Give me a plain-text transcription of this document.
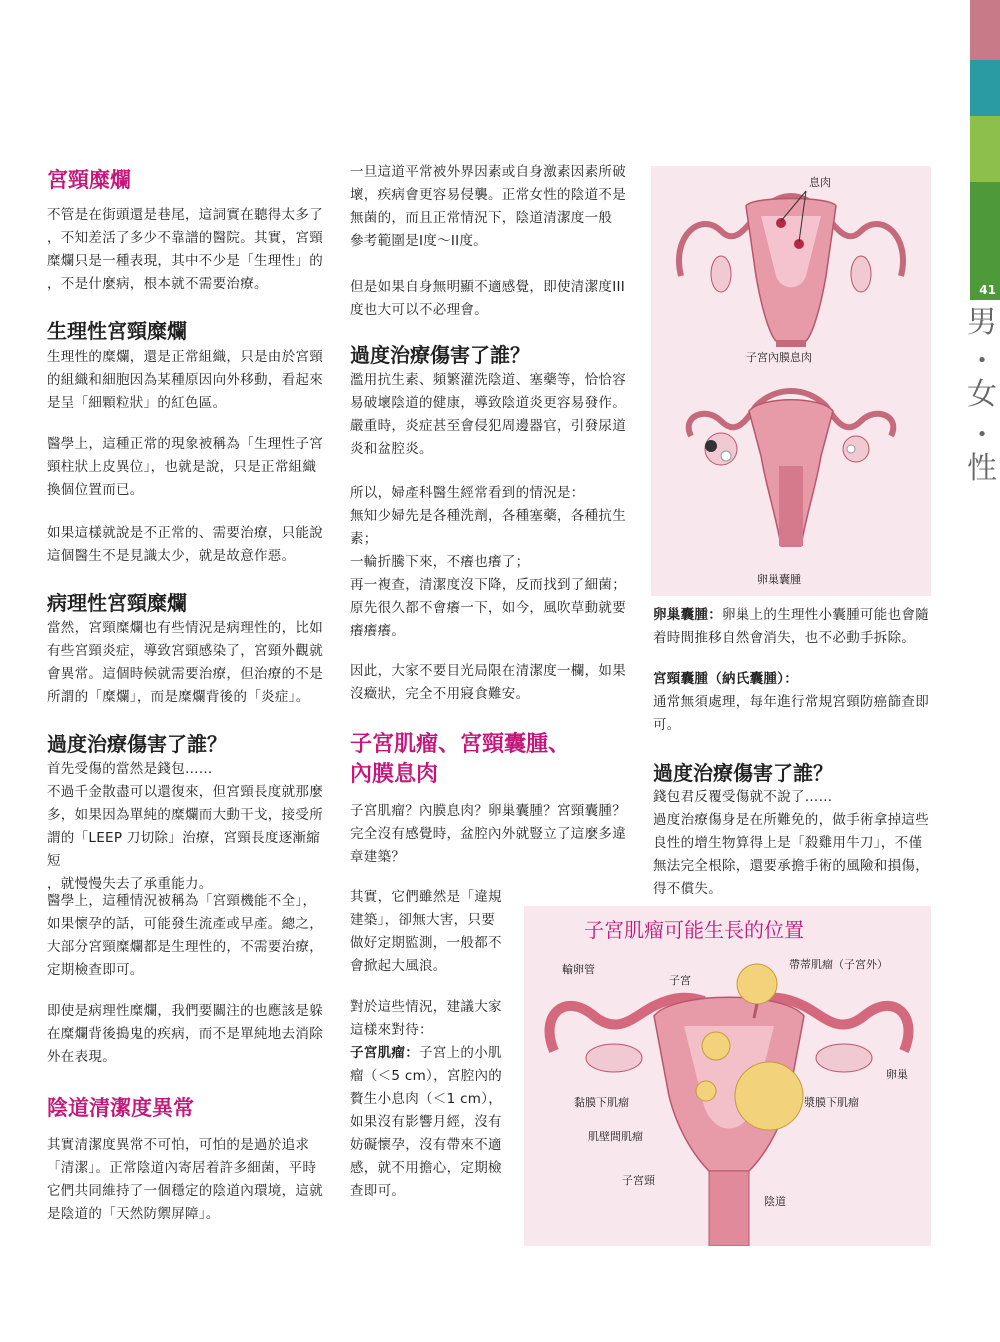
41
男
•
女
•
性
宮頸糜爛

不管是在街頭還是巷尾，這詞實在聽得太多了
，不知差活了多少不靠譜的醫院。其實，宮頸
糜爛只是一種表現，其中不少是「生理性」的
，不是什麼病，根本就不需要治療。

生理性宮頸糜爛

生理性的糜爛，還是正常組織，只是由於宮頸
的組織和細胞因為某種原因向外移動，看起來
是呈「細顆粒狀」的紅色區。

醫學上，這種正常的現象被稱為「生理性子宮
頸柱狀上皮異位」，也就是說，只是正常組織
換個位置而已。

如果這樣就說是不正常的、需要治療，只能說
這個醫生不是見識太少，就是故意作惡。

病理性宮頸糜爛

當然，宮頸糜爛也有些情況是病理性的，比如
有些宮頸炎症，導致宮頸感染了，宮頸外觀就
會異常。這個時候就需要治療，但治療的不是
所謂的「糜爛」，而是糜爛背後的「炎症」。

過度治療傷害了誰？

首先受傷的當然是錢包……
不過千金散盡可以還復來，但宮頸長度就那麼
多，如果因為單純的糜爛而大動干戈，接受所
謂的「LEEP 刀切除」治療，宮頸長度逐漸縮短
，就慢慢失去了承重能力。

醫學上，這種情況被稱為「宮頸機能不全」，
如果懷孕的話，可能發生流產或早產。總之，
大部分宮頸糜爛都是生理性的，不需要治療，
定期檢查即可。

即使是病理性糜爛，我們要關注的也應該是躲
在糜爛背後搗鬼的疾病，而不是單純地去消除
外在表現。

陰道清潔度異常

其實清潔度異常不可怕，可怕的是過於追求
「清潔」。正常陰道內寄居着許多細菌，平時
它們共同維持了一個穩定的陰道內環境，這就
是陰道的「天然防禦屏障」。

一旦這道平常被外界因素或自身激素因素所破
壞，疾病會更容易侵襲。正常女性的陰道不是
無菌的，而且正常情況下，陰道清潔度一般
參考範圍是I度～II度。

但是如果自身無明顯不適感覺，即使清潔度III
度也大可以不必理會。

過度治療傷害了誰？

濫用抗生素、頻繁灌洗陰道、塞藥等，恰恰容
易破壞陰道的健康，導致陰道炎更容易發作。
嚴重時，炎症甚至會侵犯周邊器官，引發尿道
炎和盆腔炎。

所以，婦產科醫生經常看到的情況是：
無知少婦先是各種洗劑，各種塞藥，各種抗生
素；
一輪折騰下來，不癢也癢了；
再一複查，清潔度沒下降，反而找到了細菌；
原先很久都不會癢一下，如今，風吹草動就要
癢癢癢。

因此，大家不要目光局限在清潔度一欄，如果
沒癥狀，完全不用寢食難安。

子宮肌瘤、宮頸囊腫、
內膜息肉

子宮肌瘤？內膜息肉？卵巢囊腫？宮頸囊腫？
完全沒有感覺時，盆腔內外就豎立了這麼多違
章建築？

其實，它們雖然是「違規
建築」，卻無大害，只要
做好定期監測，一般都不
會掀起大風浪。

對於這些情況，建議大家
這樣來對待：

子宮肌瘤：子宮上的小肌
瘤（＜5 cm），宮腔內的
贅生小息肉（＜1 cm），
如果沒有影響月經，沒有
妨礙懷孕，沒有帶來不適
感，就不用擔心，定期檢
查即可。

息肉
子宮內膜息肉
卵巢囊腫

卵巢囊腫：卵巢上的生理性小囊腫可能也會隨
着時間推移自然會消失，也不必動手拆除。

宮頸囊腫（納氏囊腫）：

通常無須處理，每年進行常規宮頸防癌篩查即
可。

過度治療傷害了誰？

錢包君反覆受傷就不說了……
過度治療傷身是在所難免的，做手術拿掉這些
良性的增生物算得上是「殺雞用牛刀」，不僅
無法完全根除，還要承擔手術的風險和損傷，
得不償失。

子宮肌瘤可能生長的位置
輸卵管
子宮
帶蒂肌瘤（子宮外）
卵巢
黏膜下肌瘤	漿膜下肌瘤
肌壁間肌瘤
子宮頸
陰道
